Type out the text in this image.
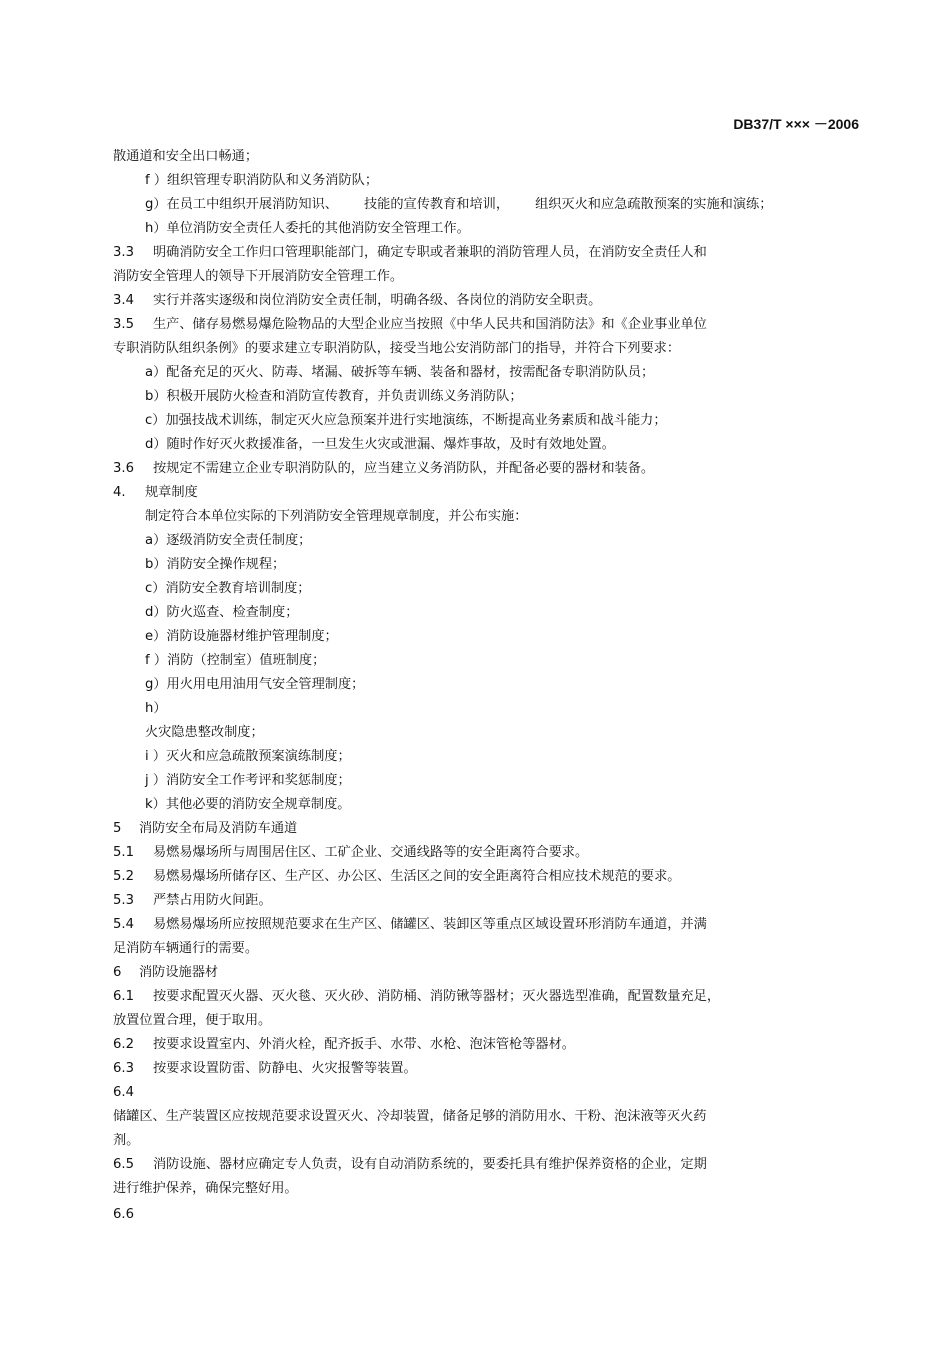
DB37/T ××× －2006
散通道和安全出口畅通；
f ）组织管理专职消防队和义务消防队；
g）在员工中组织开展消防知识、 技能的宣传教育和培训， 组织灭火和应急疏散预案的实施和演练；
h）单位消防安全责任人委托的其他消防安全管理工作。
3.3 明确消防安全工作归口管理职能部门，确定专职或者兼职的消防管理人员，在消防安全责任人和
消防安全管理人的领导下开展消防安全管理工作。
3.4 实行并落实逐级和岗位消防安全责任制，明确各级、各岗位的消防安全职责。
3.5 生产、储存易燃易爆危险物品的大型企业应当按照《中华人民共和国消防法》和《企业事业单位
专职消防队组织条例》的要求建立专职消防队，接受当地公安消防部门的指导，并符合下列要求：
a）配备充足的灭火、防毒、堵漏、破拆等车辆、装备和器材，按需配备专职消防队员；
b）积极开展防火检查和消防宣传教育，并负责训练义务消防队；
c）加强技战术训练，制定灭火应急预案并进行实地演练，不断提高业务素质和战斗能力；
d）随时作好灭火救援准备，一旦发生火灾或泄漏、爆炸事故，及时有效地处置。
3.6 按规定不需建立企业专职消防队的，应当建立义务消防队，并配备必要的器材和装备。
4. 规章制度
制定符合本单位实际的下列消防安全管理规章制度，并公布实施：
a）逐级消防安全责任制度；
b）消防安全操作规程；
c）消防安全教育培训制度；
d）防火巡查、检查制度；
e）消防设施器材维护管理制度；
f ）消防（控制室）值班制度；
g）用火用电用油用气安全管理制度；
h）
火灾隐患整改制度；
i ）灭火和应急疏散预案演练制度；
j ）消防安全工作考评和奖惩制度；
k）其他必要的消防安全规章制度。
5 消防安全布局及消防车通道
5.1 易燃易爆场所与周围居住区、工矿企业、交通线路等的安全距离符合要求。
5.2 易燃易爆场所储存区、生产区、办公区、生活区之间的安全距离符合相应技术规范的要求。
5.3 严禁占用防火间距。
5.4 易燃易爆场所应按照规范要求在生产区、储罐区、装卸区等重点区域设置环形消防车通道，并满
足消防车辆通行的需要。
6 消防设施器材
6.1 按要求配置灭火器、灭火毯、灭火砂、消防桶、消防锹等器材；灭火器选型准确，配置数量充足，
放置位置合理，便于取用。
6.2 按要求设置室内、外消火栓，配齐扳手、水带、水枪、泡沫管枪等器材。
6.3 按要求设置防雷、防静电、火灾报警等装置。
6.4
储罐区、生产装置区应按规范要求设置灭火、冷却装置，储备足够的消防用水、干粉、泡沫液等灭火药
剂。
6.5 消防设施、器材应确定专人负责，设有自动消防系统的，要委托具有维护保养资格的企业，定期
进行维护保养，确保完整好用。
6.6
